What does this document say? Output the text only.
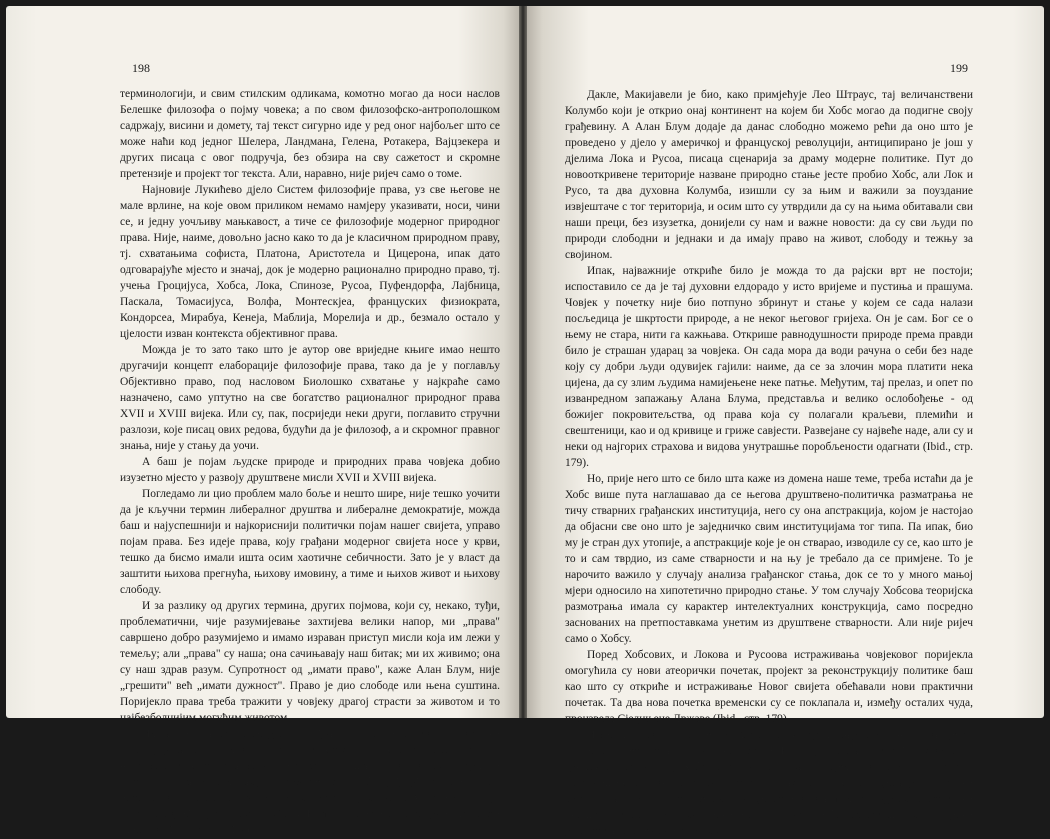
198

терминологији, и свим стилским одликама, комотно могао да носи наслов Белешке филозофа о појму човека; а по свом филозофско-антрополошком садржају, висини и домету, тај текст сигурно иде у ред оног најбољег што се може наћи код једног Шелера, Ландмана, Гелена, Ротакера, Вајцзекера и других писаца с овог подручја, без обзира на сву сажетост и скромне претензије и пројект тог текста. Али, наравно, није ријеч само о томе.

Најновије Лукићево дјело Систем филозофије права, уз све његове не мале врлине, на које овом приликом немамо намјеру указивати, носи, чини се, и једну уочљиву мањкавост, а тиче се филозофије модерног природног права. Није, наиме, довољно јасно како то да је класичном природном праву, тј. схватањима софиста, Платона, Аристотела и Цицерона, ипак дато одговарајуће мјесто и значај, док је модерно рационално природно право, тј. учења Гроцијуса, Хобса, Лока, Спинозе, Русоа, Пуфендорфа, Лајбница, Паскала, Томасијуса, Волфа, Монтескјеа, француских физиократа, Кондорсеа, Мирабуа, Кенеја, Маблија, Морелија и др., безмало остало у цјелости изван контекста објективног права.

Можда је то зато тако што је аутор ове вриједне књиге имао нешто другачији концепт елаборације филозофије права, тако да је у поглављу Објективно право, под насловом Биолошко схватање у најкраће само назначено, само уптутно на све богатство рационалног природног права XVII и XVIII вијека. Или су, пак, посриједи неки други, поглавито стручни разлози, које писац ових редова, будући да је филозоф, а и скромног правног знања, није у стању да уочи.

А баш је појам људске природе и природних права човјека добио изузетно мјесто у развоју друштвене мисли XVII и XVIII вијека.

Погледамо ли цио проблем мало боље и нешто шире, није тешко уочити да је кључни термин либералног друштва и либералне демократије, можда баш и најуспешнији и најкориснији политички појам нашег свијета, управо појам права. Без идеје права, коју грађани модерног свијета носе у крви, тешко да бисмо имали ишта осим хаотичне себичности. Зато је у власт да заштити њихова прегнућа, њихову имовину, а тиме и њихов живот и њихову слободу.

И за разлику од других термина, других појмова, који су, некако, туђи, проблематични, чије разумијевање захтијева велики напор, ми „права" савршено добро разумијемо и имамо израван приступ мисли која им лежи у темељу; али „права" су наша; она сачињавају наш битак; ми их живимо; она су наш здрав разум. Супротност од „имати право", каже Алан Блум, није „грешити" већ „имати дужност". Право је дио слободе или њена суштина. Поријекло права треба тражити у човјеку драгој страсти за животом и то најбезболнијим могућим животом.

Идеја да човјек посједује неотуђива природна права, да му она припадају као индивидуално право првенства подједнако у времену као и у неприкосновености у свакоом грађанском друштву и да грађанска друштва постоје у ту сврху, и да свој легитимитет стичу обезбјеђујући та права - све је то изум модерне филозофије. Зачетник те идеје био је Хобс, а Лок јој је подарио највеће достојанство (Уп. А. Блум, Сумрак америчкої ума, Просвета - Београд 1990, стр. 481-2).

199

Дакле, Макијавели је био, како примјећује Лео Штраус, тај величанствени Колумбо који је открио онај континент на којем би Хобс могао да подигне своју грађевину. А Алан Блум додаје да данас слободно можемо рећи да оно што је проведено у дјело у америчкој и француској револуцији, антиципирано је још у дјелима Лока и Русоа, писаца сценарија за драму модерне политике. Пут до новооткривене територије назване природно стање јесте пробио Хобс, али Лок и Русо, та два духовна Колумба, изишли су за њим и важили за поуздание извјештаче с тог територија, и осим што су утврдили да су на њима обитавали сви наши преци, без изузетка, донијели су нам и важне новости: да су сви људи по природи слободни и једнаки и да имају право на живот, слободу и тежњу за својином.

Ипак, најважније откриће било је можда то да рајски врт не постоји; испоставило се да је тај духовни елдорадо у исто вријеме и пустиња и прашума. Човјек у почетку није био потпуно збринут и стање у којем се сада налази посљедица је шкртости природе, а не неког његовог гријеха. Он је сам. Бог се о њему не стара, нити га кажњава. Открише равнодушности природе према правди било је страшан ударац за човјека. Он сада мора да води рачуна о себи без наде коју су добри људи одувијек гајили: наиме, да се за злочин мора платити нека цијена, да су злим људима намијењене неке патње. Међутим, тај прелаз, и опет по изванредном запажању Алана Блума, представља и велико ослобођење - од божијег покровитељства, од права која су полагали краљеви, племићи и свештеници, као и од кривице и гриже савјести. Развејане су највеће наде, али су и неки од најгорих страхова и видова унутрашње поробљености одагнати (Ibid., стр. 179).

Но, прије него што се било шта каже из домена наше теме, треба истаћи да је Хобс више пута наглашавао да се његова друштвено-политичка разматрања не тичу стварних грађанских институција, него су она апстракција, којом је настојао да објасни све оно што је заједничко свим институцијама тог типа. Па ипак, био му је стран дух утопије, а апстракције које је он стварао, изводиле су се, као што је то и сам тврдио, из саме стварности и на њу је требало да се примјене. То је нарочито важило у случају анализа грађанског стања, док се то у много мањој мјери односило на хипотетично природно стање. У том случају Хобсова теоријска размотрања имала су карактер интелектуалних конструкција, само посредно заснованих на претпоставкама унетим из друштвене стварности. Али није ријеч само о Хобсу.

Поред Хобсових, и Локова и Русоова истраживања човјековог поријекла омогућила су нови атеорички почетак, пројект за реконструкцију политике баш као што су откриће и истраживање Новог свијета обећавали нови практични почетак. Та два нова почетка временски су се поклапала и, између осталих чуда, произвела Сједињене Државе (Ibid., стр. 179).

И као што смо то већ рекли, Хобс у свом објашњењу природног права јесте пошао од претпоставке природног стања. И док је Сократ, говорећи, замишљао сунцем обасјани град, Хобс је открио изолованог појединца, чији је живот био „сиромашан, опасан, скотски и кратак". Ова промјена, промјена у односу на читаву традицију политичке филозофије, отвара сасвим другачију перспективу на оно што човјек жели и чему се нада од политике. Разборитост више не упућује на успостављање режима који ће се
